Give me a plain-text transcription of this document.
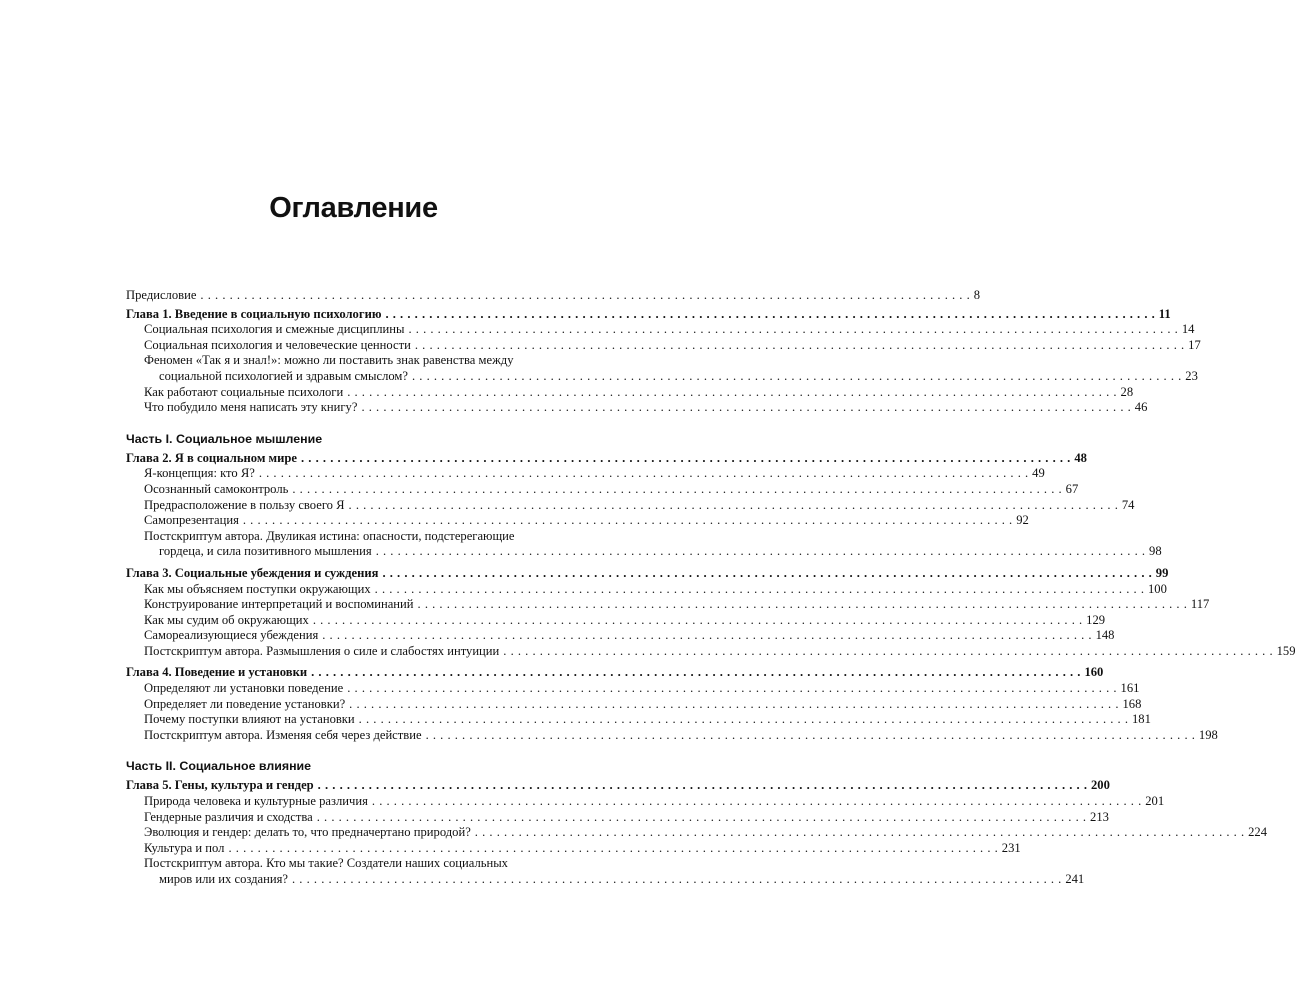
Оглавление
Предисловие . . .	8
Глава 1. Введение в социальную психологию . . .	11
Социальная психология и смежные дисциплины . . .	14
Социальная психология и человеческие ценности . . .	17
Феномен «Так я и знал!»: можно ли поставить знак равенства между
социальной психологией и здравым смыслом? . . .	23
Как работают социальные психологи . . .	28
Что побудило меня написать эту книгу? . . .	46
Часть I. Социальное мышление
Глава 2. Я в социальном мире . . .	48
Я-концепция: кто Я? . . .	49
Осознанный самоконтроль . . .	67
Предрасположение в пользу своего Я . . .	74
Самопрезентация . . .	92
Постскриптум автора. Двуликая истина: опасности, подстерегающие
гордеца, и сила позитивного мышления . . .	98
Глава 3. Социальные убеждения и суждения . . .	99
Как мы объясняем поступки окружающих . . .	100
Конструирование интерпретаций и воспоминаний . . .	117
Как мы судим об окружающих . . .	129
Самореализующиеся убеждения . . .	148
Постскриптум автора. Размышления о силе и слабостях интуиции . . .	159
Глава 4. Поведение и установки . . .	160
Определяют ли установки поведение . . .	161
Определяет ли поведение установки? . . .	168
Почему поступки влияют на установки . . .	181
Постскриптум автора. Изменяя себя через действие . . .	198
Часть II. Социальное влияние
Глава 5. Гены, культура и гендер . . .	200
Природа человека и культурные различия . . .	201
Гендерные различия и сходства . . .	213
Эволюция и гендер: делать то, что предначертано природой? . . .	224
Культура и пол . . .	231
Постскриптум автора. Кто мы такие? Создатели наших социальных
миров или их создания? . . .	241
